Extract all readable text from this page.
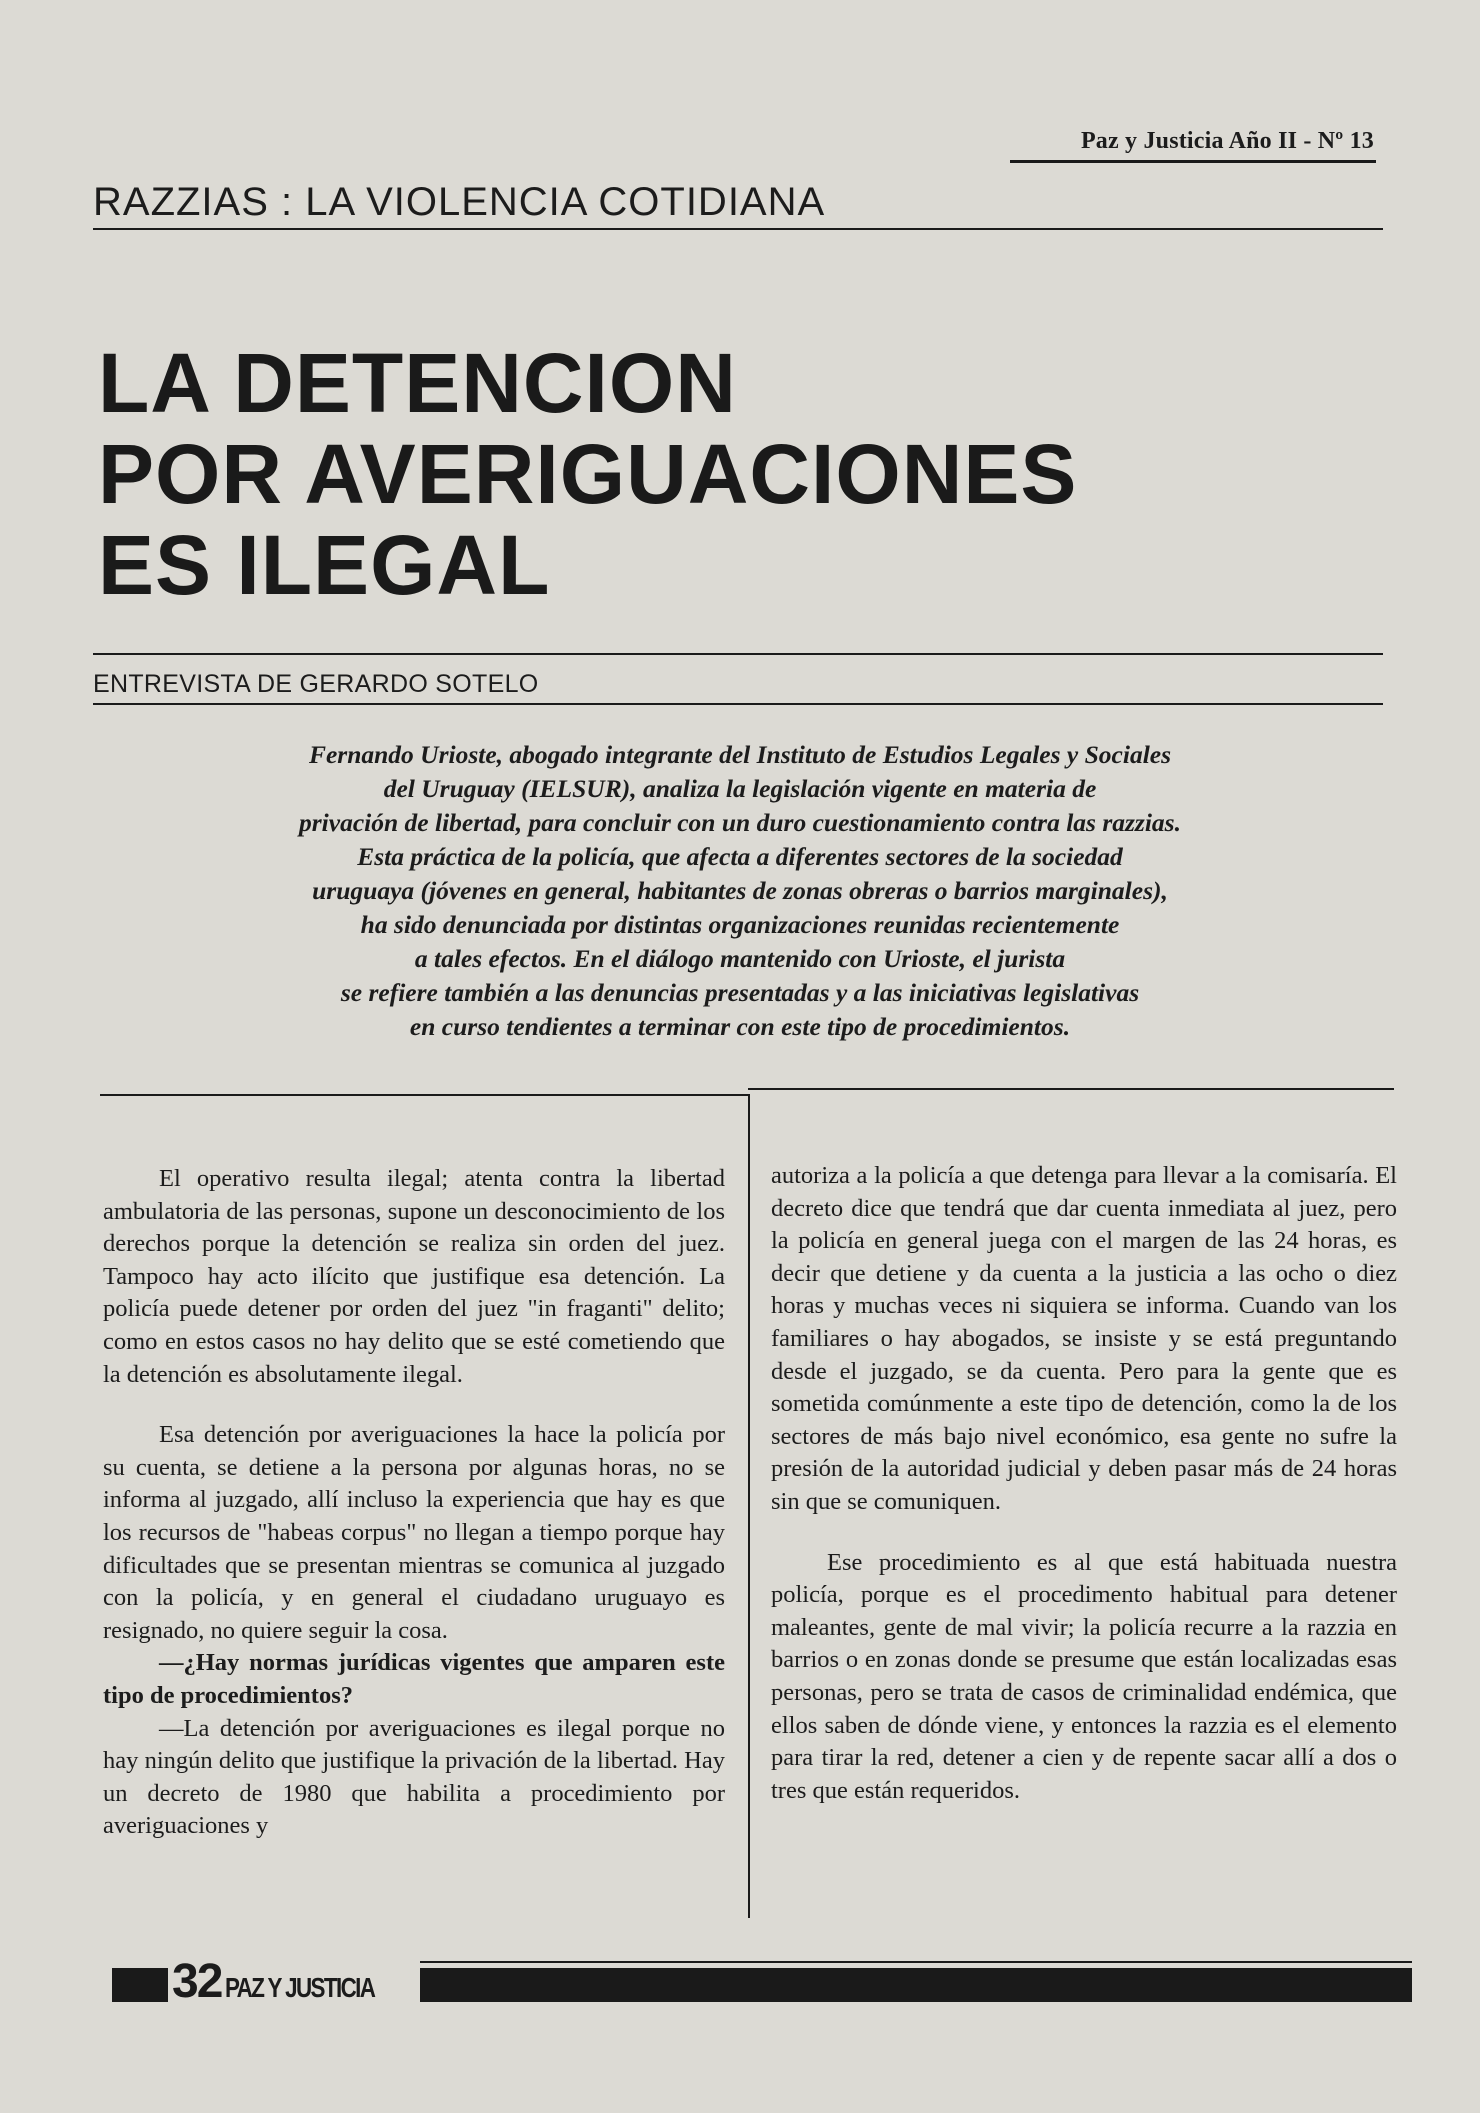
Paz y Justicia Año II - Nº 13
RAZZIAS : LA VIOLENCIA COTIDIANA
LA DETENCION
POR AVERIGUACIONES
ES ILEGAL
ENTREVISTA DE GERARDO SOTELO
Fernando Urioste, abogado integrante del Instituto de Estudios Legales y Sociales
del Uruguay (IELSUR), analiza la legislación vigente en materia de
privación de libertad, para concluir con un duro cuestionamiento contra las razzias.
Esta práctica de la policía, que afecta a diferentes sectores de la sociedad
uruguaya (jóvenes en general, habitantes de zonas obreras o barrios marginales),
ha sido denunciada por distintas organizaciones reunidas recientemente
a tales efectos. En el diálogo mantenido con Urioste, el jurista
se refiere también a las denuncias presentadas y a las iniciativas legislativas
en curso tendientes a terminar con este tipo de procedimientos.

El operativo resulta ilegal; atenta contra la libertad ambulatoria de las personas, supone un desconocimiento de los derechos porque la detención se realiza sin orden del juez. Tampoco hay acto ilícito que justifique esa detención. La policía puede detener por orden del juez "in fraganti" delito; como en estos casos no hay delito que se esté cometiendo que la detención es absolutamente ilegal.

Esa detención por averiguaciones la hace la policía por su cuenta, se detiene a la persona por algunas horas, no se informa al juzgado, allí incluso la experiencia que hay es que los recursos de "habeas corpus" no llegan a tiempo porque hay dificultades que se presentan mientras se comunica al juzgado con la policía, y en general el ciudadano uruguayo es resignado, no quiere seguir la cosa.

—¿Hay normas jurídicas vigentes que amparen este tipo de procedimientos?

—La detención por averiguaciones es ilegal porque no hay ningún delito que justifique la privación de la libertad. Hay un decreto de 1980 que habilita a procedimiento por averiguaciones y

autoriza a la policía a que detenga para llevar a la comisaría. El decreto dice que tendrá que dar cuenta inmediata al juez, pero la policía en general juega con el margen de las 24 horas, es decir que detiene y da cuenta a la justicia a las ocho o diez horas y muchas veces ni siquiera se informa. Cuando van los familiares o hay abogados, se insiste y se está preguntando desde el juzgado, se da cuenta. Pero para la gente que es sometida comúnmente a este tipo de detención, como la de los sectores de más bajo nivel económico, esa gente no sufre la presión de la autoridad judicial y deben pasar más de 24 horas sin que se comuniquen.

Ese procedimiento es al que está habituada nuestra policía, porque es el procedimento habitual para detener maleantes, gente de mal vivir; la policía recurre a la razzia en barrios o en zonas donde se presume que están localizadas esas personas, pero se trata de casos de criminalidad endémica, que ellos saben de dónde viene, y entonces la razzia es el elemento para tirar la red, detener a cien y de repente sacar allí a dos o tres que están requeridos.

32 PAZ Y JUSTICIA
